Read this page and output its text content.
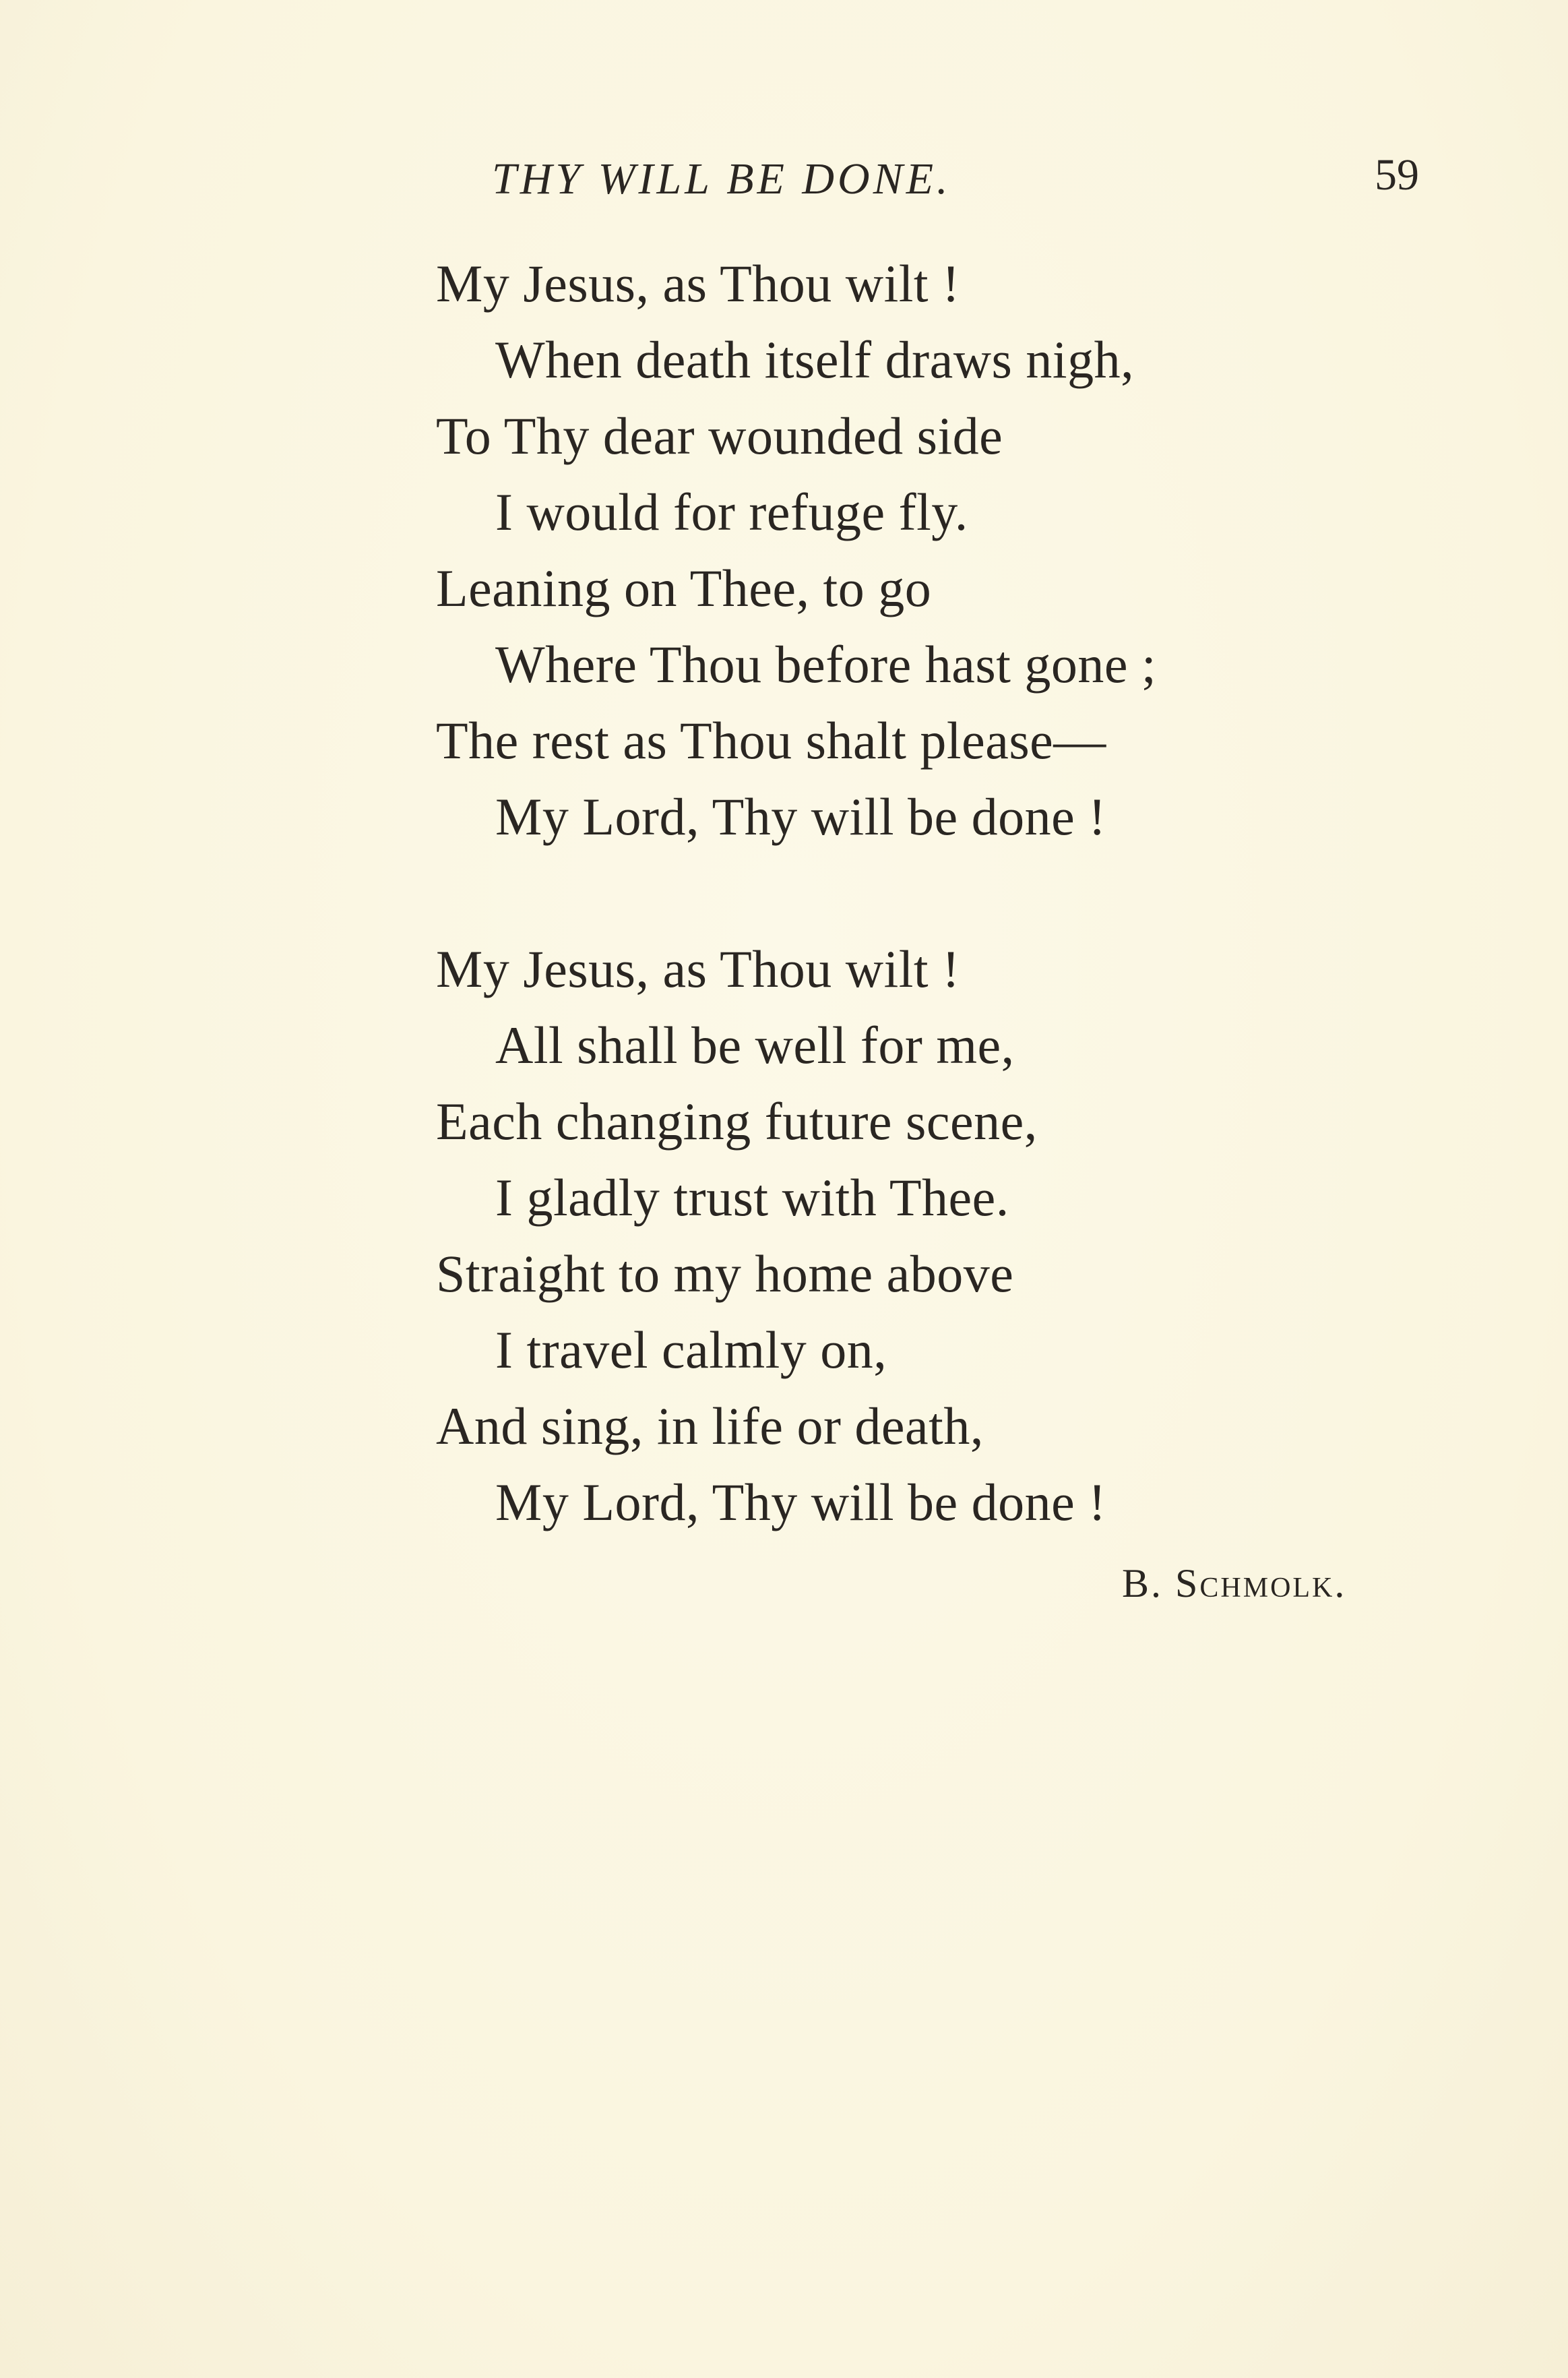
THY WILL BE DONE.	59
My Jesus, as Thou wilt !
When death itself draws nigh,
To Thy dear wounded side
I would for refuge fly.
Leaning on Thee, to go
Where Thou before hast gone ;
The rest as Thou shalt please—
My Lord, Thy will be done !
My Jesus, as Thou wilt !
All shall be well for me,
Each changing future scene,
I gladly trust with Thee.
Straight to my home above
I travel calmly on,
And sing, in life or death,
My Lord, Thy will be done !
B. Schmolk.
